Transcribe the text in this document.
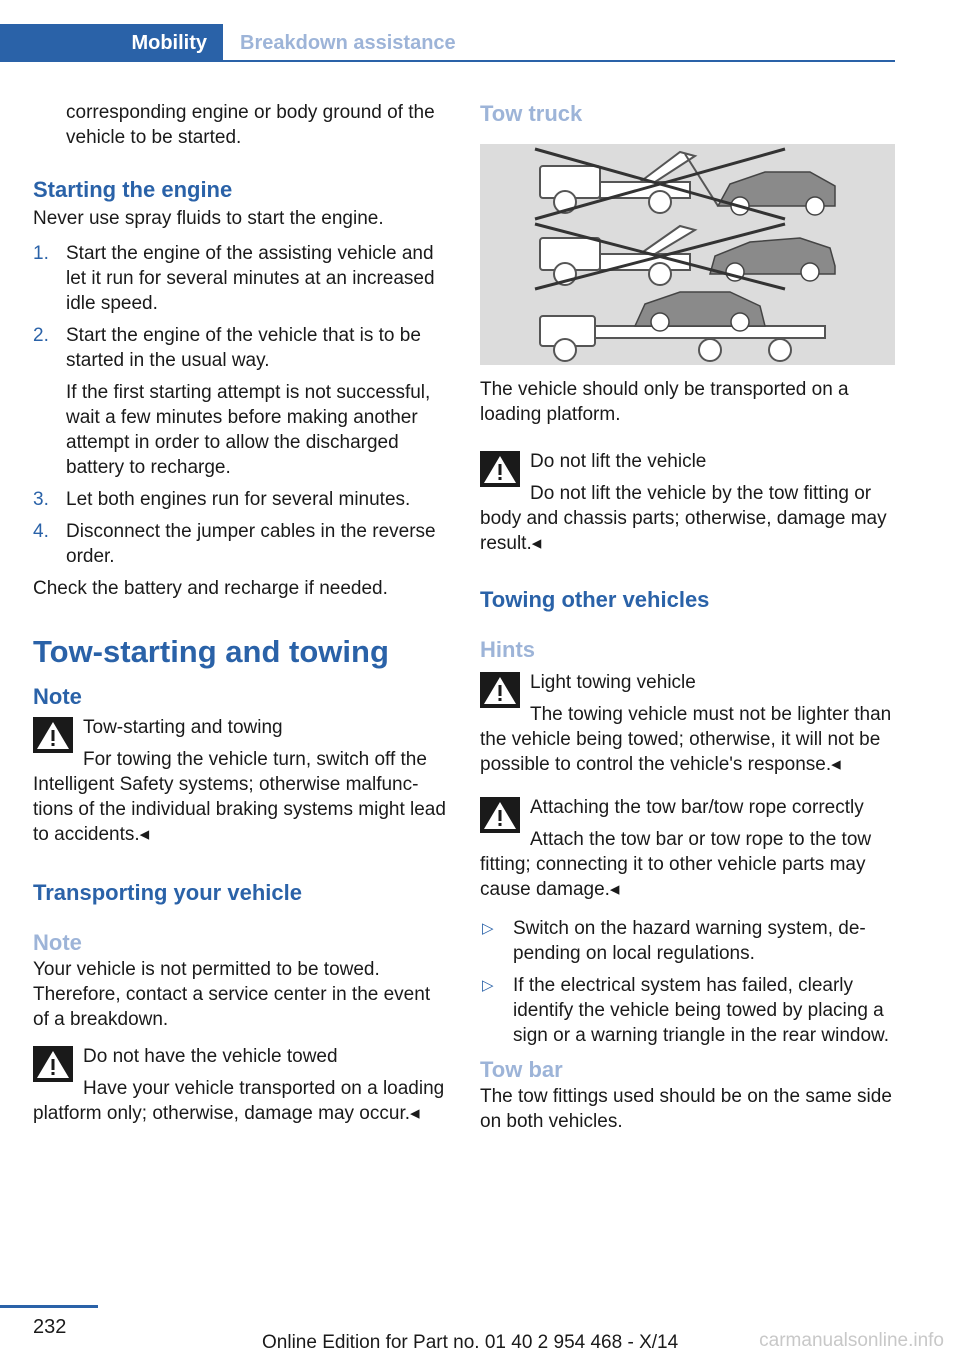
Mobility	Breakdown assistance

corresponding engine or body ground of the vehicle to be started.

Starting the engine

Never use spray fluids to start the engine.

1. Start the engine of the assisting vehicle and let it run for several minutes at an increased idle speed.
2. Start the engine of the vehicle that is to be started in the usual way.

If the first starting attempt is not successful, wait a few minutes before making another attempt in order to allow the discharged battery to recharge.

3. Let both engines run for several minutes.
4. Disconnect the jumper cables in the reverse order.

Check the battery and recharge if needed.

Tow-starting and towing

Note

Tow-starting and towing

For towing the vehicle turn, switch off the Intelligent Safety systems; otherwise malfunctions of the individual braking systems might lead to accidents.◂

Transporting your vehicle

Note

Your vehicle is not permitted to be towed. Therefore, contact a service center in the event of a breakdown.

Do not have the vehicle towed

Have your vehicle transported on a loading platform only; otherwise, damage may occur.◂

Tow truck

The vehicle should only be transported on a loading platform.

Do not lift the vehicle

Do not lift the vehicle by the tow fitting or body and chassis parts; otherwise, damage may result.◂

Towing other vehicles

Hints

Light towing vehicle

The towing vehicle must not be lighter than the vehicle being towed; otherwise, it will not be possible to control the vehicle's response.◂

Attaching the tow bar/tow rope correctly

Attach the tow bar or tow rope to the tow fitting; connecting it to other vehicle parts may cause damage.◂

▷ Switch on the hazard warning system, depending on local regulations.
▷ If the electrical system has failed, clearly identify the vehicle being towed by placing a sign or a warning triangle in the rear window.

Tow bar

The tow fittings used should be on the same side on both vehicles.

232
Online Edition for Part no. 01 40 2 954 468 - X/14	carmanualsonline.info
